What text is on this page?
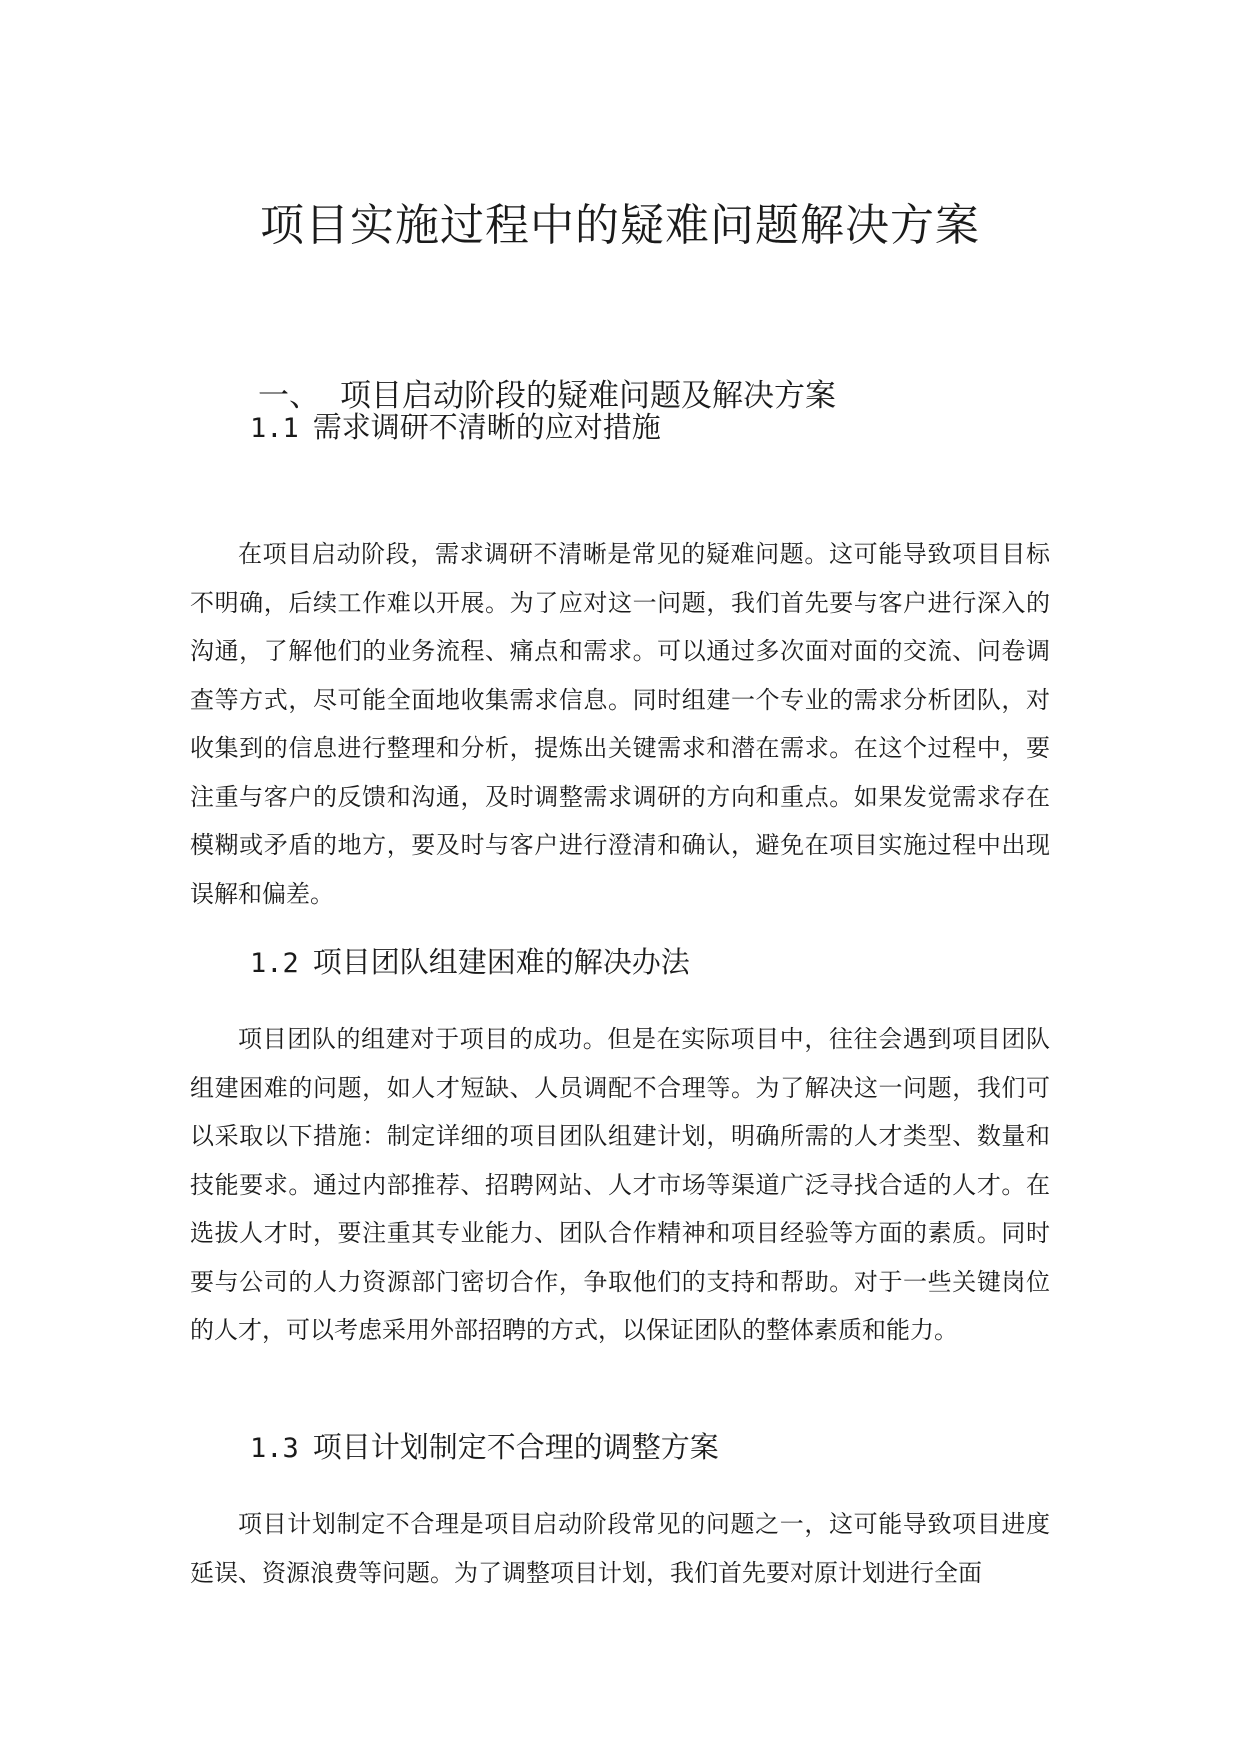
项目实施过程中的疑难问题解决方案
一、 项目启动阶段的疑难问题及解决方案
1.1 需求调研不清晰的应对措施

在项目启动阶段，需求调研不清晰是常见的疑难问题。这可能导致项目目标不明确，后续工作难以开展。为了应对这一问题，我们首先要与客户进行深入的沟通，了解他们的业务流程、痛点和需求。可以通过多次面对面的交流、问卷调查等方式，尽可能全面地收集需求信息。同时组建一个专业的需求分析团队，对收集到的信息进行整理和分析，提炼出关键需求和潜在需求。在这个过程中，要注重与客户的反馈和沟通，及时调整需求调研的方向和重点。如果发觉需求存在模糊或矛盾的地方，要及时与客户进行澄清和确认，避免在项目实施过程中出现误解和偏差。

1.2 项目团队组建困难的解决办法

项目团队的组建对于项目的成功。但是在实际项目中，往往会遇到项目团队组建困难的问题，如人才短缺、人员调配不合理等。为了解决这一问题，我们可以采取以下措施：制定详细的项目团队组建计划，明确所需的人才类型、数量和技能要求。通过内部推荐、招聘网站、人才市场等渠道广泛寻找合适的人才。在选拔人才时，要注重其专业能力、团队合作精神和项目经验等方面的素质。同时要与公司的人力资源部门密切合作，争取他们的支持和帮助。对于一些关键岗位的人才，可以考虑采用外部招聘的方式，以保证团队的整体素质和能力。

1.3 项目计划制定不合理的调整方案

项目计划制定不合理是项目启动阶段常见的问题之一，这可能导致项目进度延误、资源浪费等问题。为了调整项目计划，我们首先要对原计划进行全面
